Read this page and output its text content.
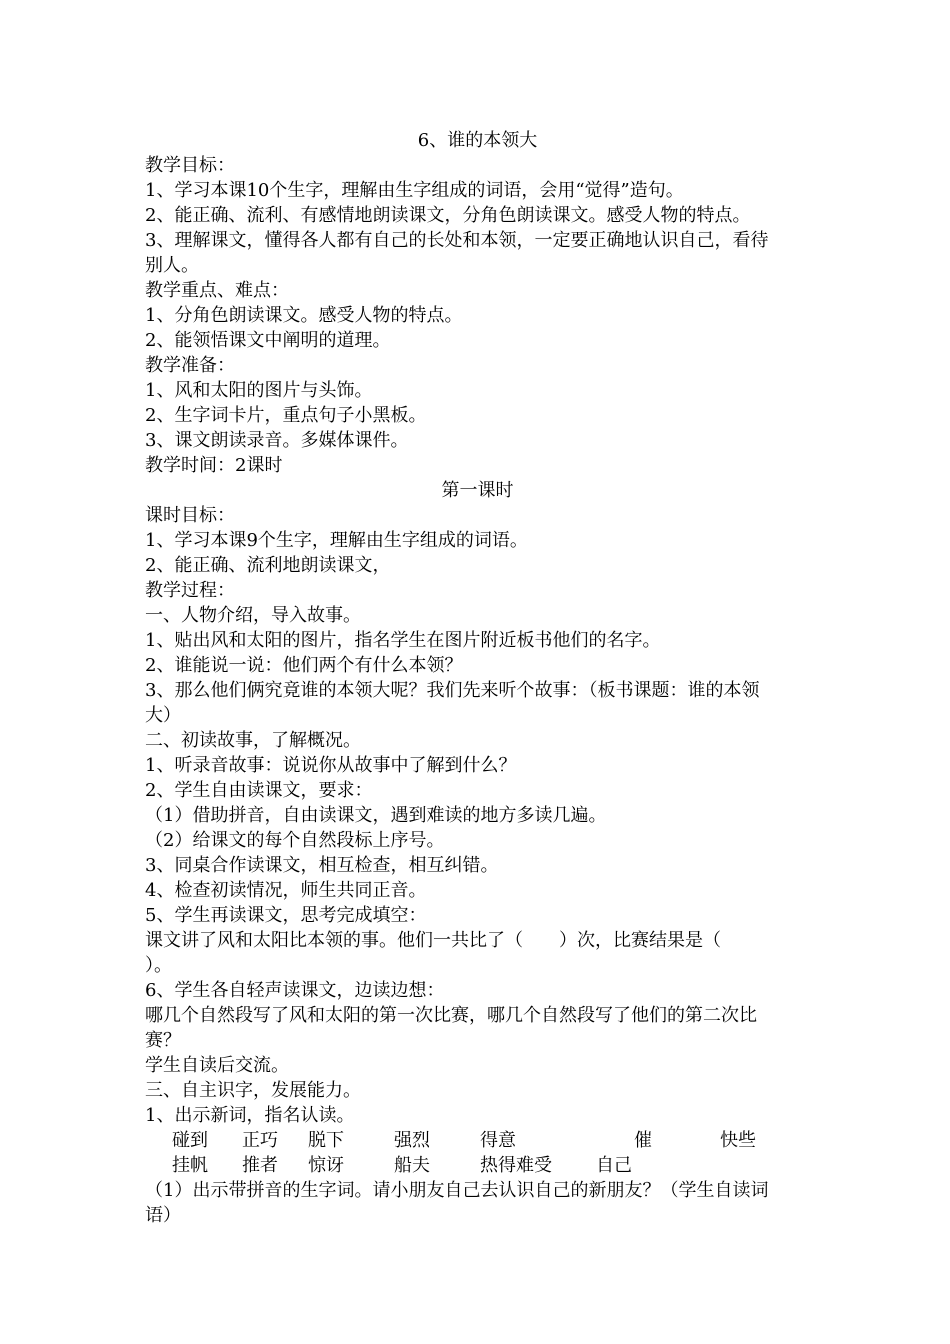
6、谁的本领大
教学目标：
1、学习本课10个生字，理解由生字组成的词语，会用“觉得”造句。
2、能正确、流利、有感情地朗读课文，分角色朗读课文。感受人物的特点。
3、理解课文，懂得各人都有自己的长处和本领，一定要正确地认识自己，看待
别人。
教学重点、难点：
1、分角色朗读课文。感受人物的特点。
2、能领悟课文中阐明的道理。
教学准备：
1、风和太阳的图片与头饰。
2、生字词卡片，重点句子小黑板。
3、课文朗读录音。多媒体课件。
教学时间：2课时
第一课时
课时目标：
1、学习本课9个生字，理解由生字组成的词语。
2、能正确、流利地朗读课文，
教学过程：
一、人物介绍，导入故事。
1、贴出风和太阳的图片，指名学生在图片附近板书他们的名字。
2、谁能说一说：他们两个有什么本领？
3、那么他们俩究竟谁的本领大呢？我们先来听个故事：（板书课题：谁的本领
大）
二、初读故事，了解概况。
1、听录音故事：说说你从故事中了解到什么？
2、学生自由读课文，要求：
（1）借助拼音，自由读课文，遇到难读的地方多读几遍。
（2）给课文的每个自然段标上序号。
3、同桌合作读课文，相互检查，相互纠错。
4、检查初读情况，师生共同正音。
5、学生再读课文，思考完成填空：
课文讲了风和太阳比本领的事。他们一共比了（　　）次，比赛结果是（
）。
6、学生各自轻声读课文，边读边想：
哪几个自然段写了风和太阳的第一次比赛，哪几个自然段写了他们的第二次比
赛？
学生自读后交流。
三、自主识字，发展能力。
1、出示新词，指名认读。
碰到 正巧 脱下	强烈	得意	催	快些
挂帆 推者 惊讶	船夫	热得难受 自己
（1）出示带拼音的生字词。请小朋友自己去认识自己的新朋友？（学生自读词
语）
